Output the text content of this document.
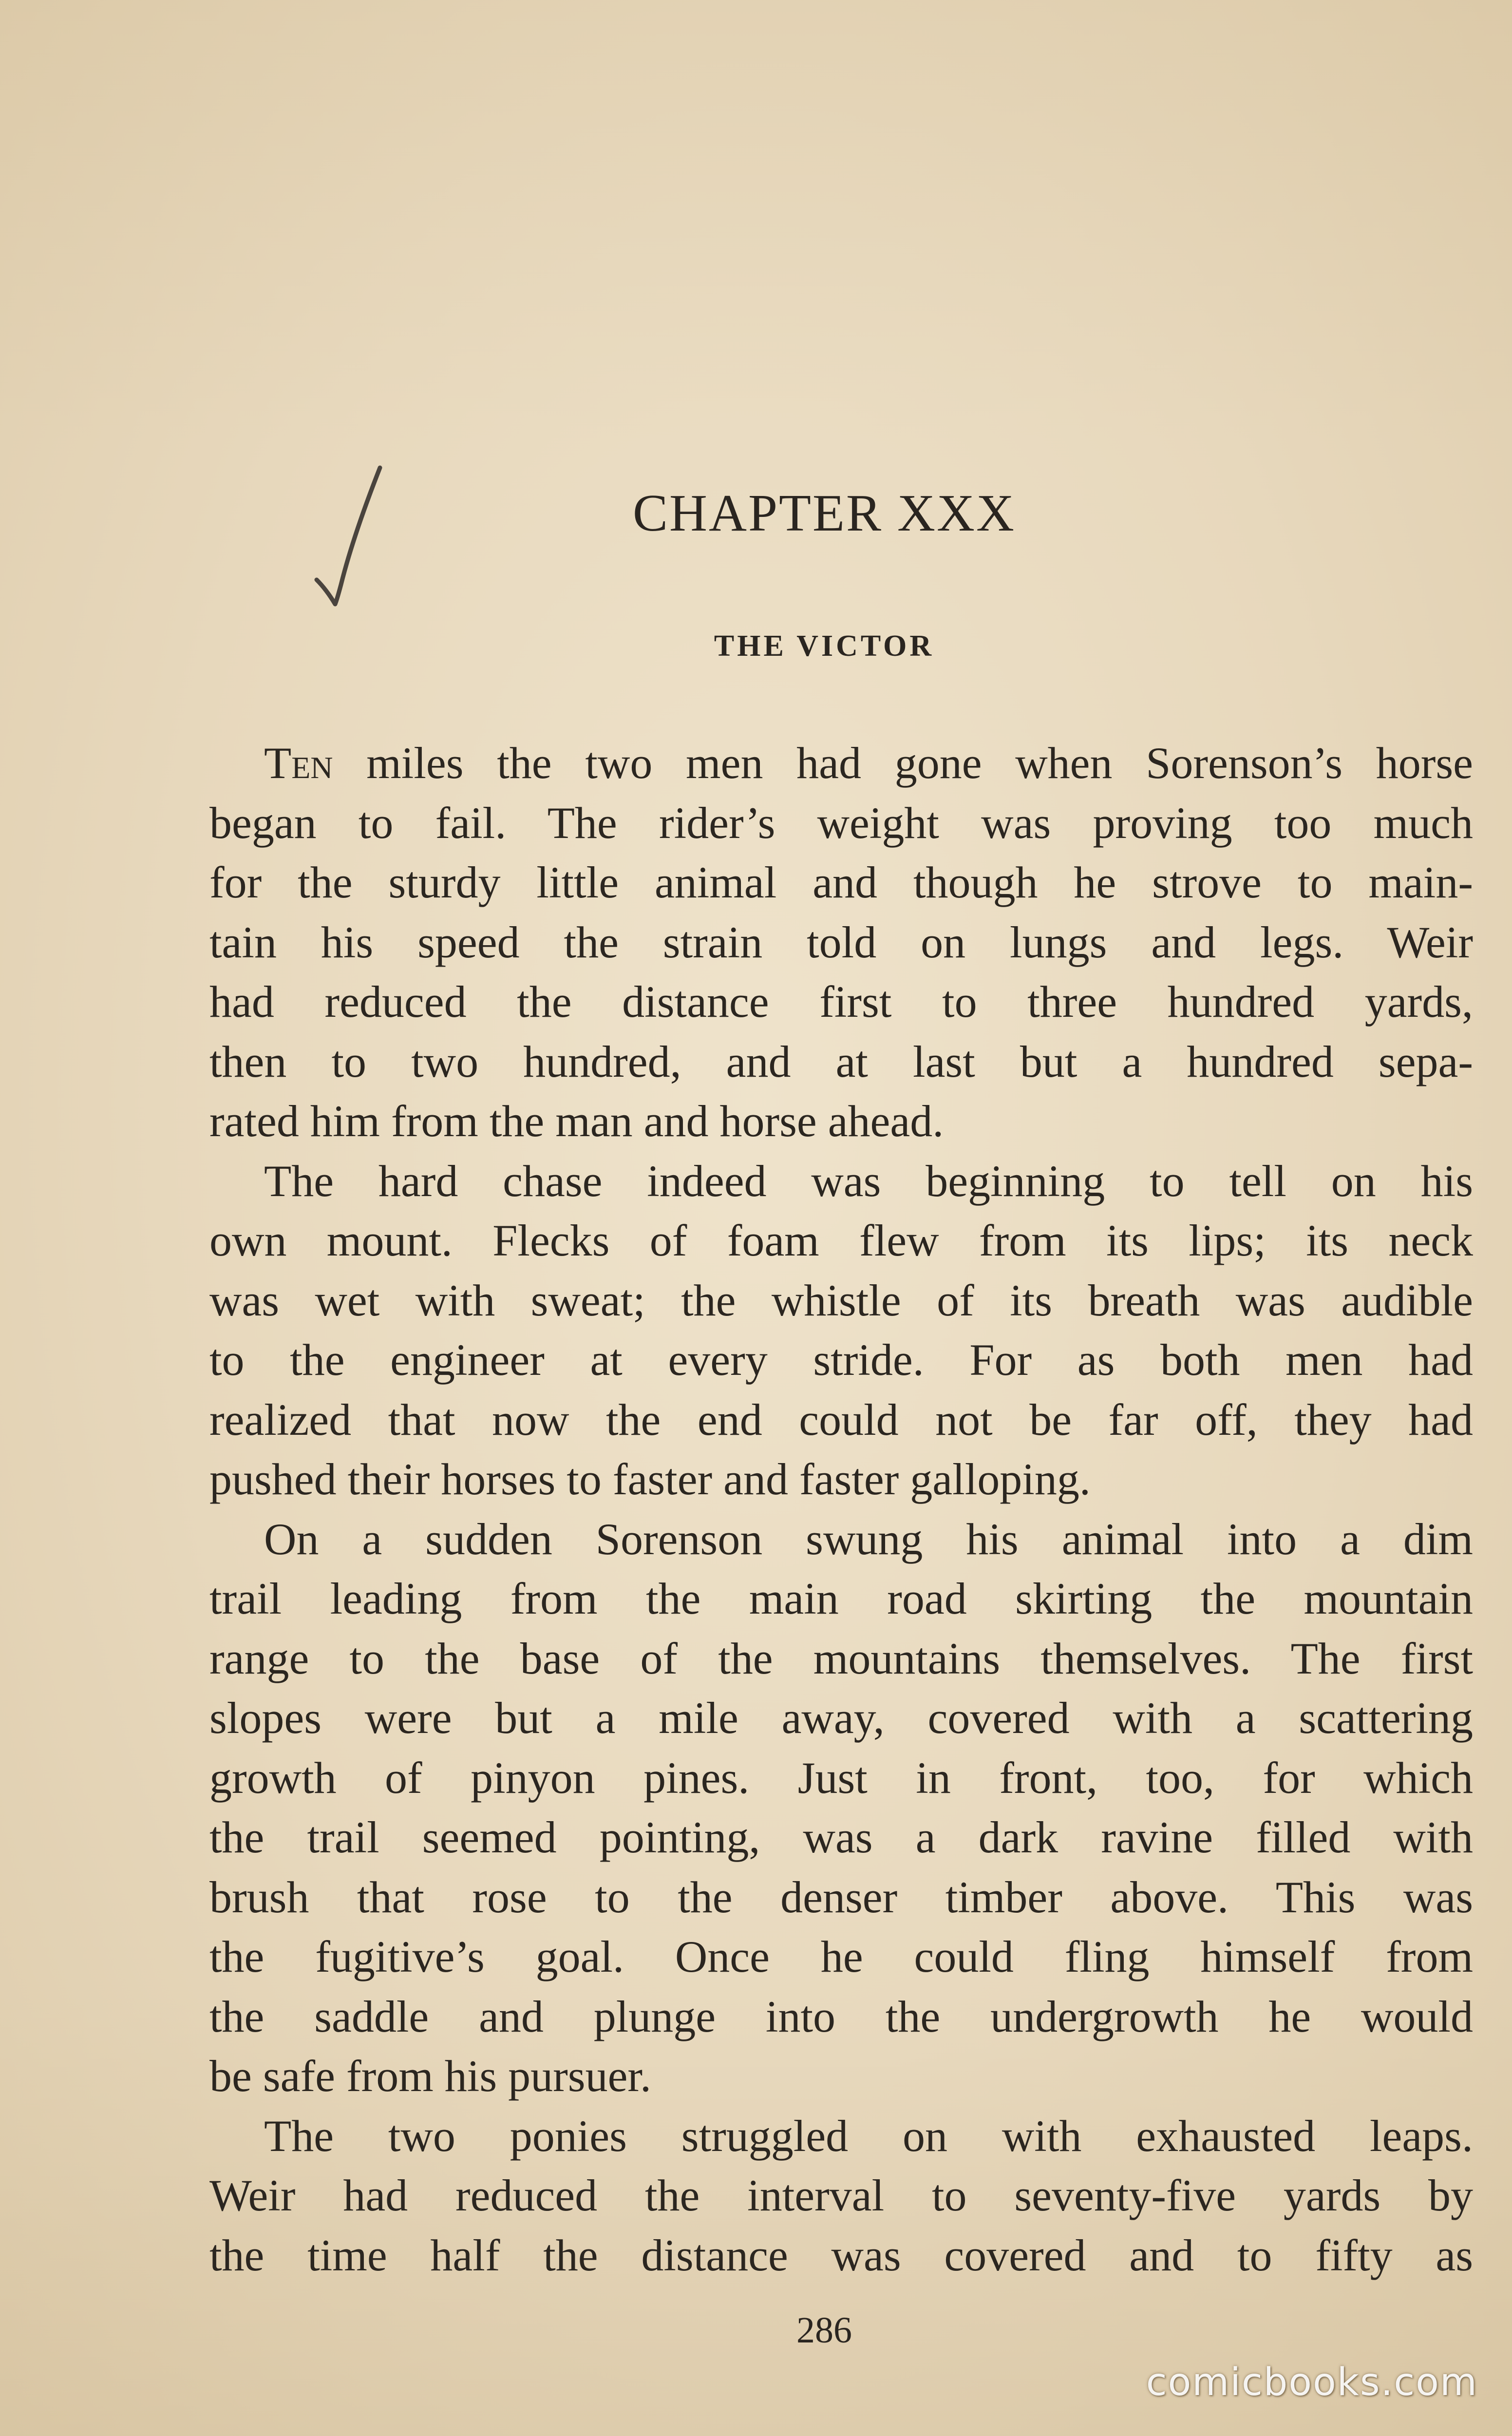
CHAPTER XXX
THE VICTOR
Ten miles the two men had gone when Sorenson’s horse
began to fail. The rider’s weight was proving too much
for the sturdy little animal and though he strove to main-
tain his speed the strain told on lungs and legs. Weir
had reduced the distance first to three hundred yards,
then to two hundred, and at last but a hundred sepa-
rated him from the man and horse ahead.
The hard chase indeed was beginning to tell on his
own mount. Flecks of foam flew from its lips; its neck
was wet with sweat; the whistle of its breath was audible
to the engineer at every stride. For as both men had
realized that now the end could not be far off, they had
pushed their horses to faster and faster galloping.
On a sudden Sorenson swung his animal into a dim
trail leading from the main road skirting the mountain
range to the base of the mountains themselves. The first
slopes were but a mile away, covered with a scattering
growth of pinyon pines. Just in front, too, for which
the trail seemed pointing, was a dark ravine filled with
brush that rose to the denser timber above. This was
the fugitive’s goal. Once he could fling himself from
the saddle and plunge into the undergrowth he would
be safe from his pursuer.
The two ponies struggled on with exhausted leaps.
Weir had reduced the interval to seventy-five yards by
the time half the distance was covered and to fifty as
286
comicbooks.com
